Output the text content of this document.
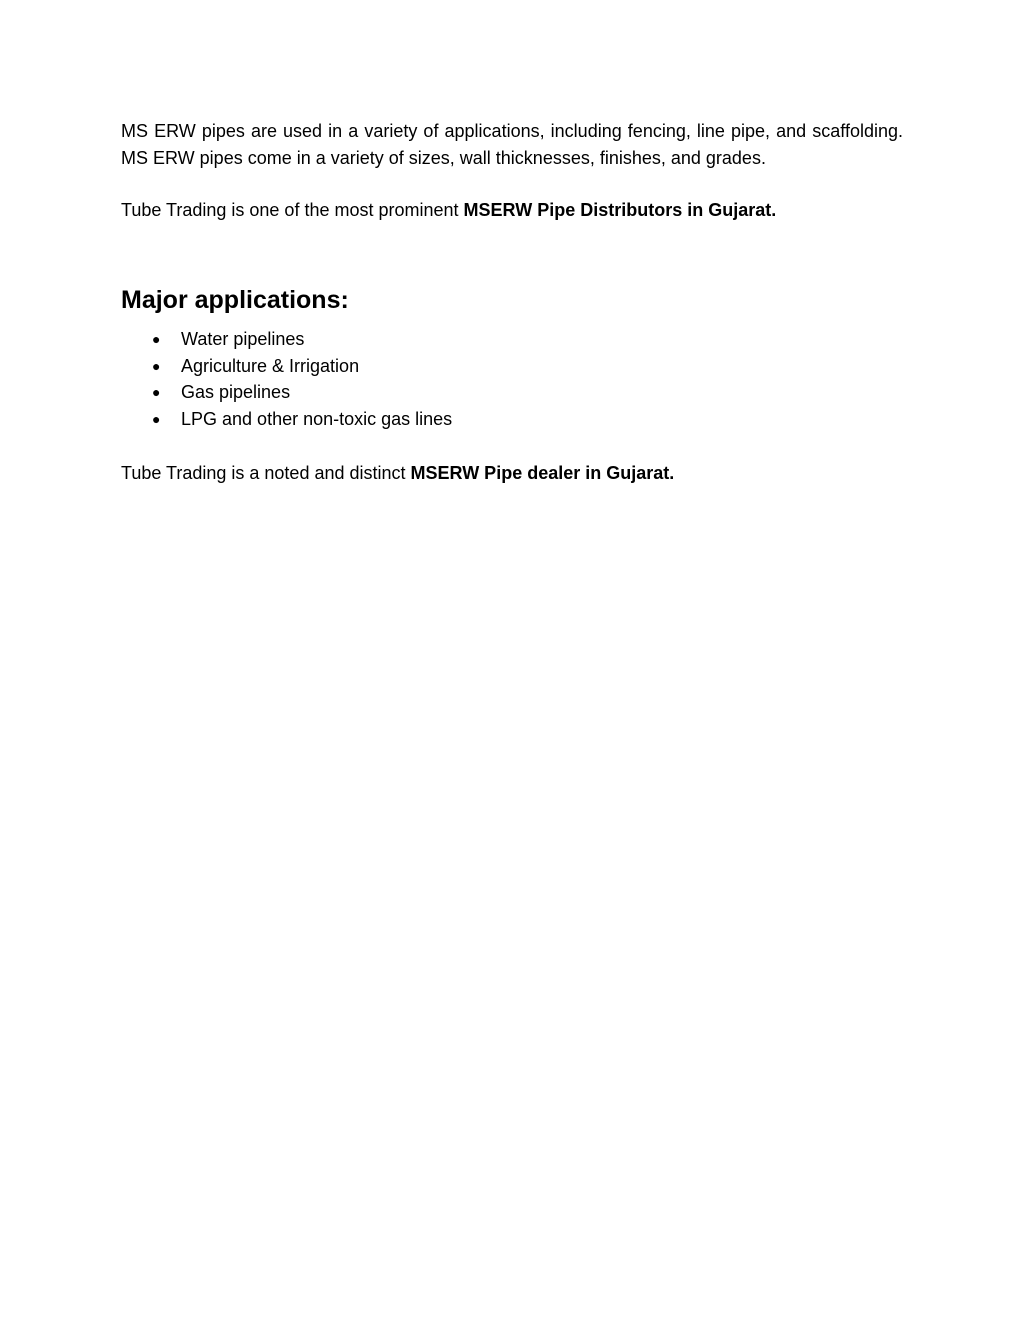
MS ERW pipes are used in a variety of applications, including fencing, line pipe, and scaffolding. MS ERW pipes come in a variety of sizes, wall thicknesses, finishes, and grades.

Tube Trading is one of the most prominent MSERW Pipe Distributors in Gujarat.

Major applications:
● Water pipelines
● Agriculture & Irrigation
● Gas pipelines
● LPG and other non-toxic gas lines

Tube Trading is a noted and distinct MSERW Pipe dealer in Gujarat.
